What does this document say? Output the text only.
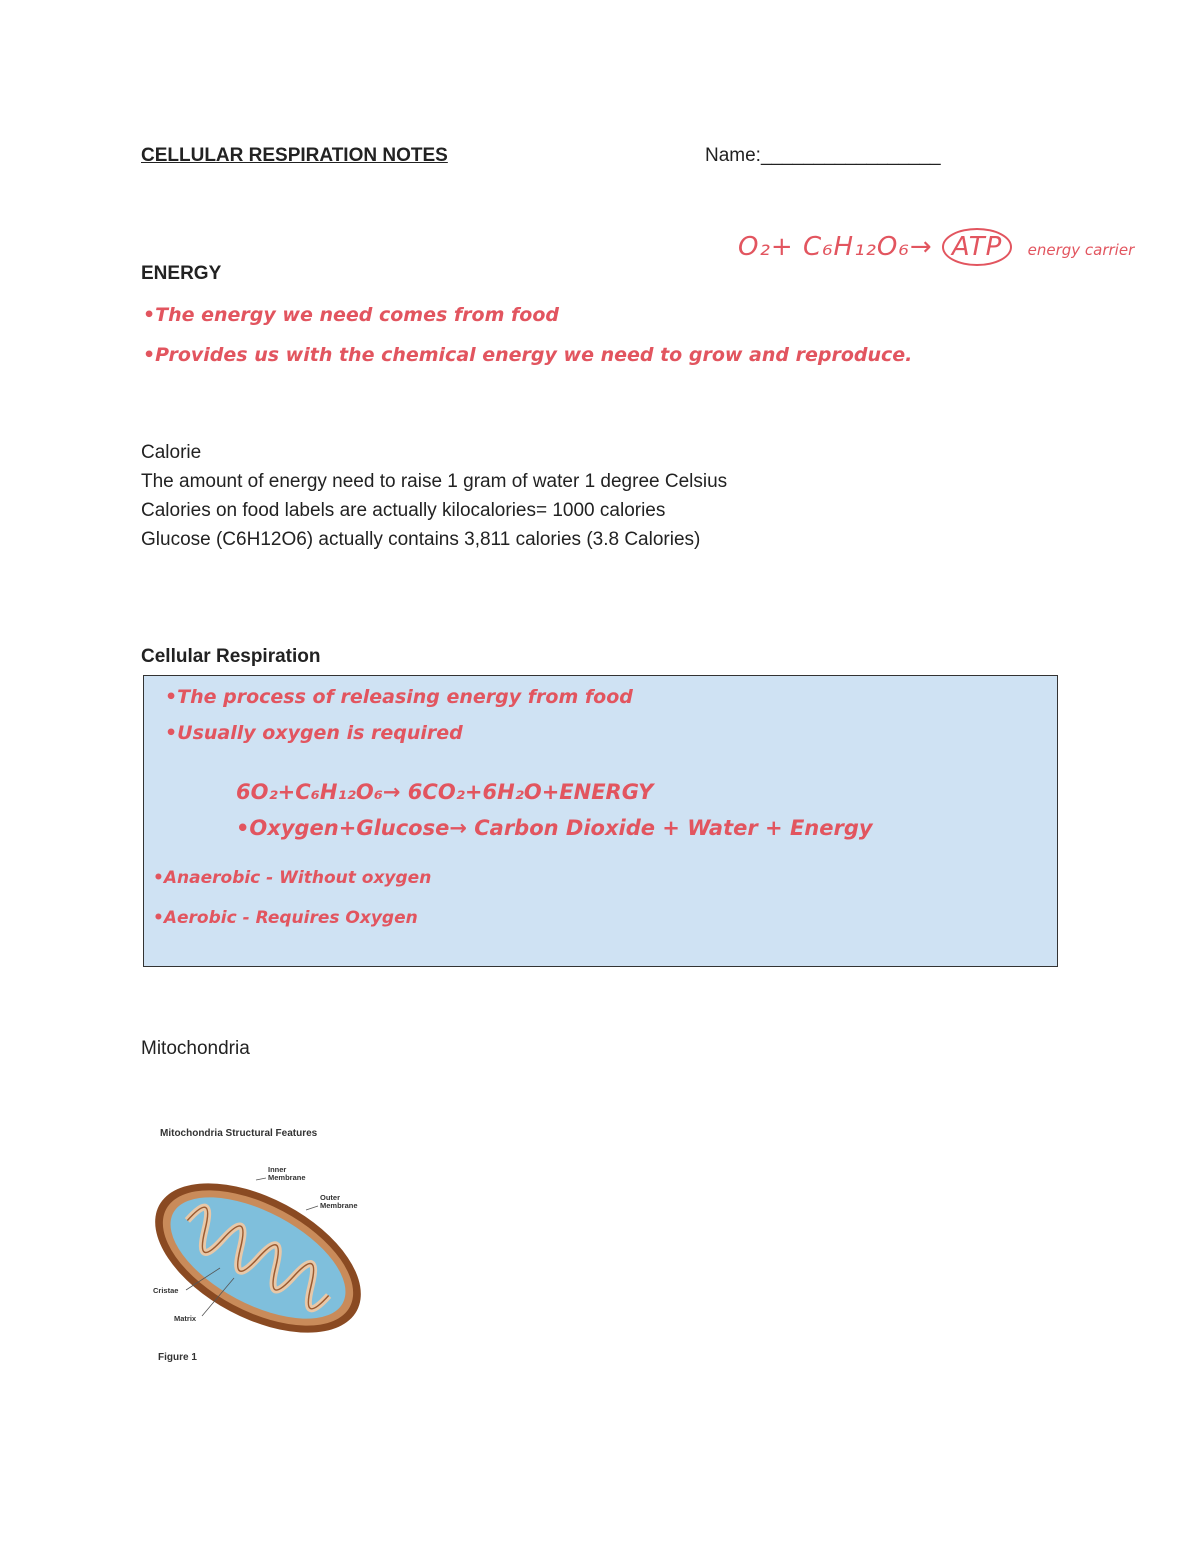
CELLULAR RESPIRATION NOTES	Name:_________________
O₂+ C₆H₁₂O₆→ ATP energy carrier
ENERGY
•The energy we need comes from food
•Provides us with the chemical energy we need to grow and reproduce.
Calorie
The amount of energy need to raise 1 gram of water 1 degree Celsius
Calories on food labels are actually kilocalories= 1000 calories
Glucose (C6H12O6) actually contains 3,811 calories (3.8 Calories)
Cellular Respiration
•The process of releasing energy from food
•Usually oxygen is required
6O₂+C₆H₁₂O₆→ 6CO₂+6H₂O+ENERGY
•Oxygen+Glucose→ Carbon Dioxide + Water + Energy
•Anaerobic - Without oxygen
•Aerobic - Requires Oxygen
Mitochondria
Mitochondria Structural Features
Inner Membrane
Outer Membrane
Cristae
Matrix
Figure 1
